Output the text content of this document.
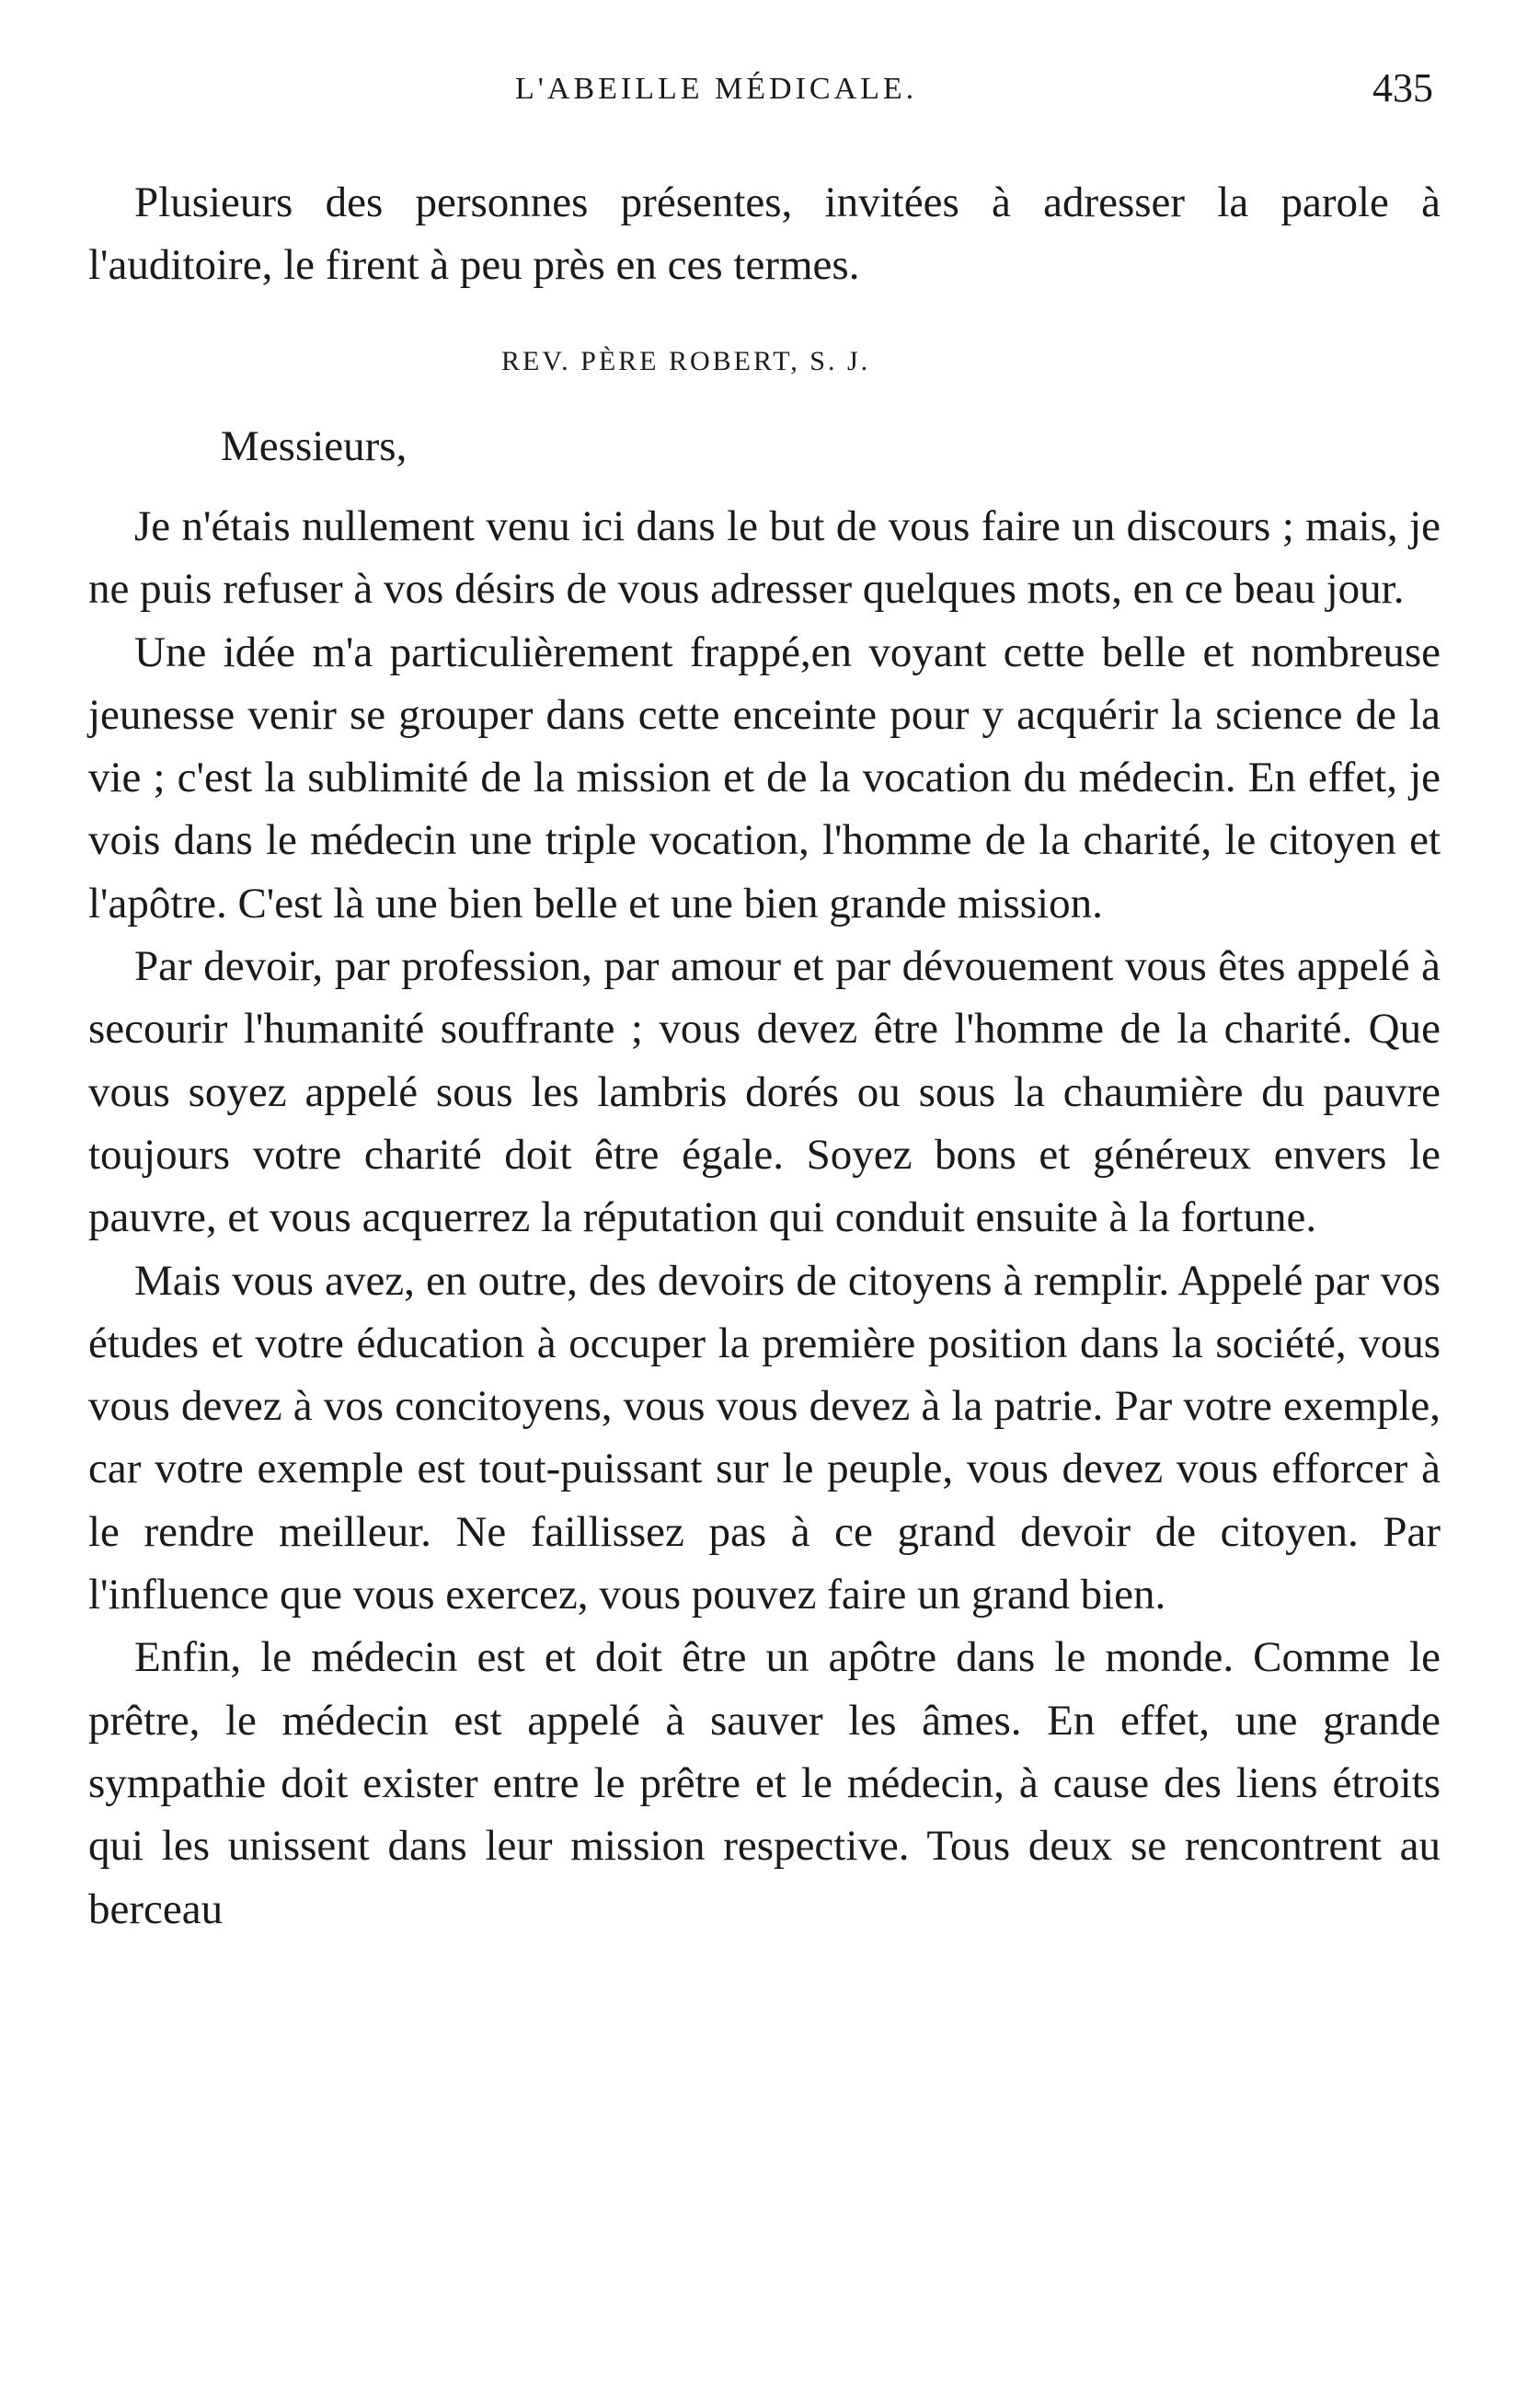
L'ABEILLE MÉDICALE.	435

Plusieurs des personnes présentes, invitées à adresser la parole à l'auditoire, le firent à peu près en ces termes.

REV. PÈRE ROBERT, S. J.
Messieurs,

Je n'étais nullement venu ici dans le but de vous faire un discours ; mais, je ne puis refuser à vos désirs de vous adresser quelques mots, en ce beau jour.

Une idée m'a particulièrement frappé,en voyant cette belle et nombreuse jeunesse venir se grouper dans cette enceinte pour y acquérir la science de la vie ; c'est la sublimité de la mission et de la vocation du médecin. En effet, je vois dans le médecin une triple vocation, l'homme de la charité, le citoyen et l'apôtre. C'est là une bien belle et une bien grande mission.

Par devoir, par profession, par amour et par dévouement vous êtes appelé à secourir l'humanité souffrante ; vous devez être l'homme de la charité. Que vous soyez appelé sous les lambris dorés ou sous la chaumière du pauvre toujours votre charité doit être égale. Soyez bons et généreux envers le pauvre, et vous acquerrez la réputation qui conduit ensuite à la fortune.

Mais vous avez, en outre, des devoirs de citoyens à remplir. Appelé par vos études et votre éducation à occuper la première position dans la société, vous vous devez à vos concitoyens, vous vous devez à la patrie. Par votre exemple, car votre exemple est tout-puissant sur le peuple, vous devez vous efforcer à le rendre meilleur. Ne faillissez pas à ce grand devoir de citoyen. Par l'influence que vous exercez, vous pouvez faire un grand bien.

Enfin, le médecin est et doit être un apôtre dans le monde. Comme le prêtre, le médecin est appelé à sauver les âmes. En effet, une grande sympathie doit exister entre le prêtre et le médecin, à cause des liens étroits qui les unissent dans leur mission respective. Tous deux se rencontrent au berceau
